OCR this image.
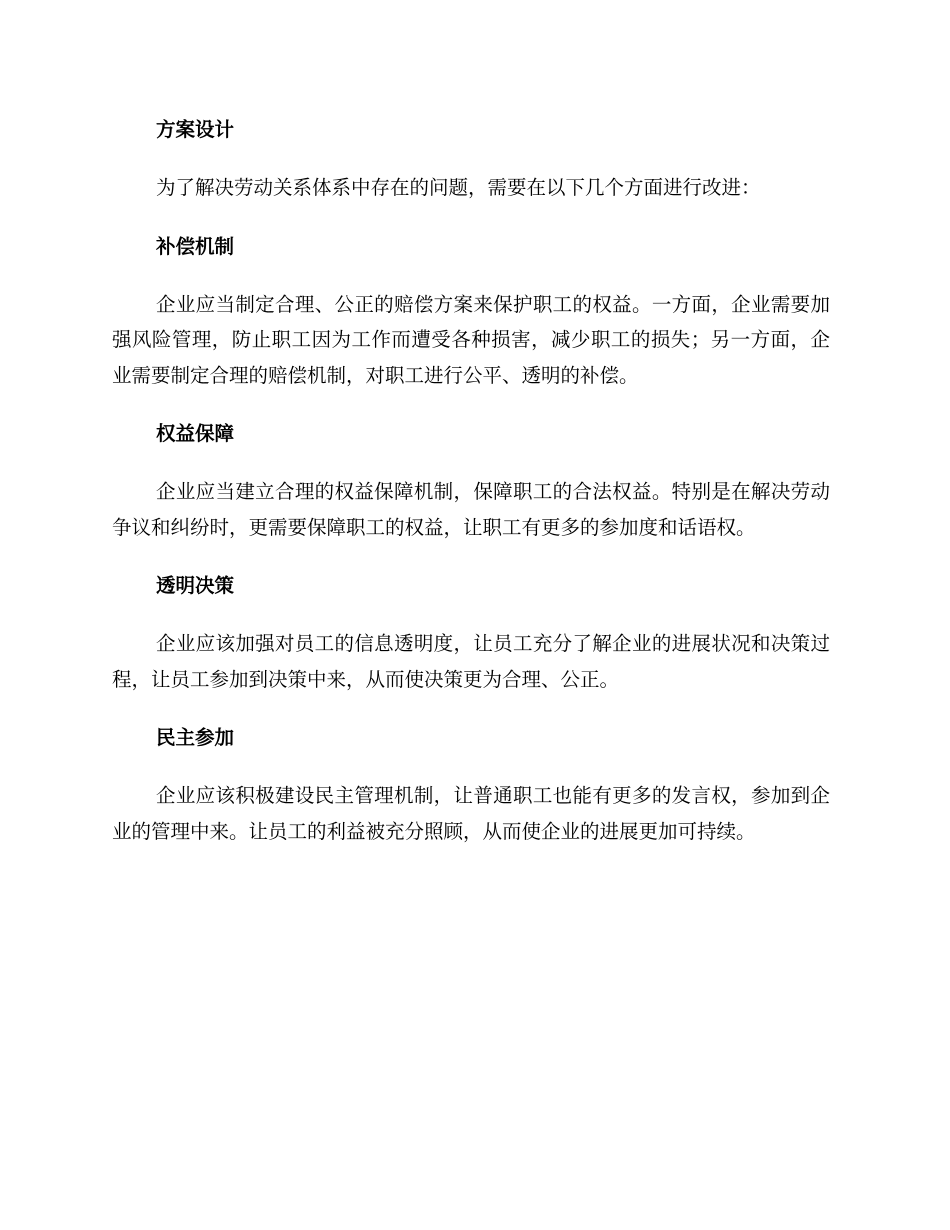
方案设计

为了解决劳动关系体系中存在的问题，需要在以下几个方面进行改进：

补偿机制

企业应当制定合理、公正的赔偿方案来保护职工的权益。一方面，企业需要加强风险管理，防止职工因为工作而遭受各种损害，减少职工的损失；另一方面，企业需要制定合理的赔偿机制，对职工进行公平、透明的补偿。

权益保障

企业应当建立合理的权益保障机制，保障职工的合法权益。特别是在解决劳动争议和纠纷时，更需要保障职工的权益，让职工有更多的参加度和话语权。

透明决策

企业应该加强对员工的信息透明度，让员工充分了解企业的进展状况和决策过程，让员工参加到决策中来，从而使决策更为合理、公正。

民主参加

企业应该积极建设民主管理机制，让普通职工也能有更多的发言权，参加到企业的管理中来。让员工的利益被充分照顾，从而使企业的进展更加可持续。
